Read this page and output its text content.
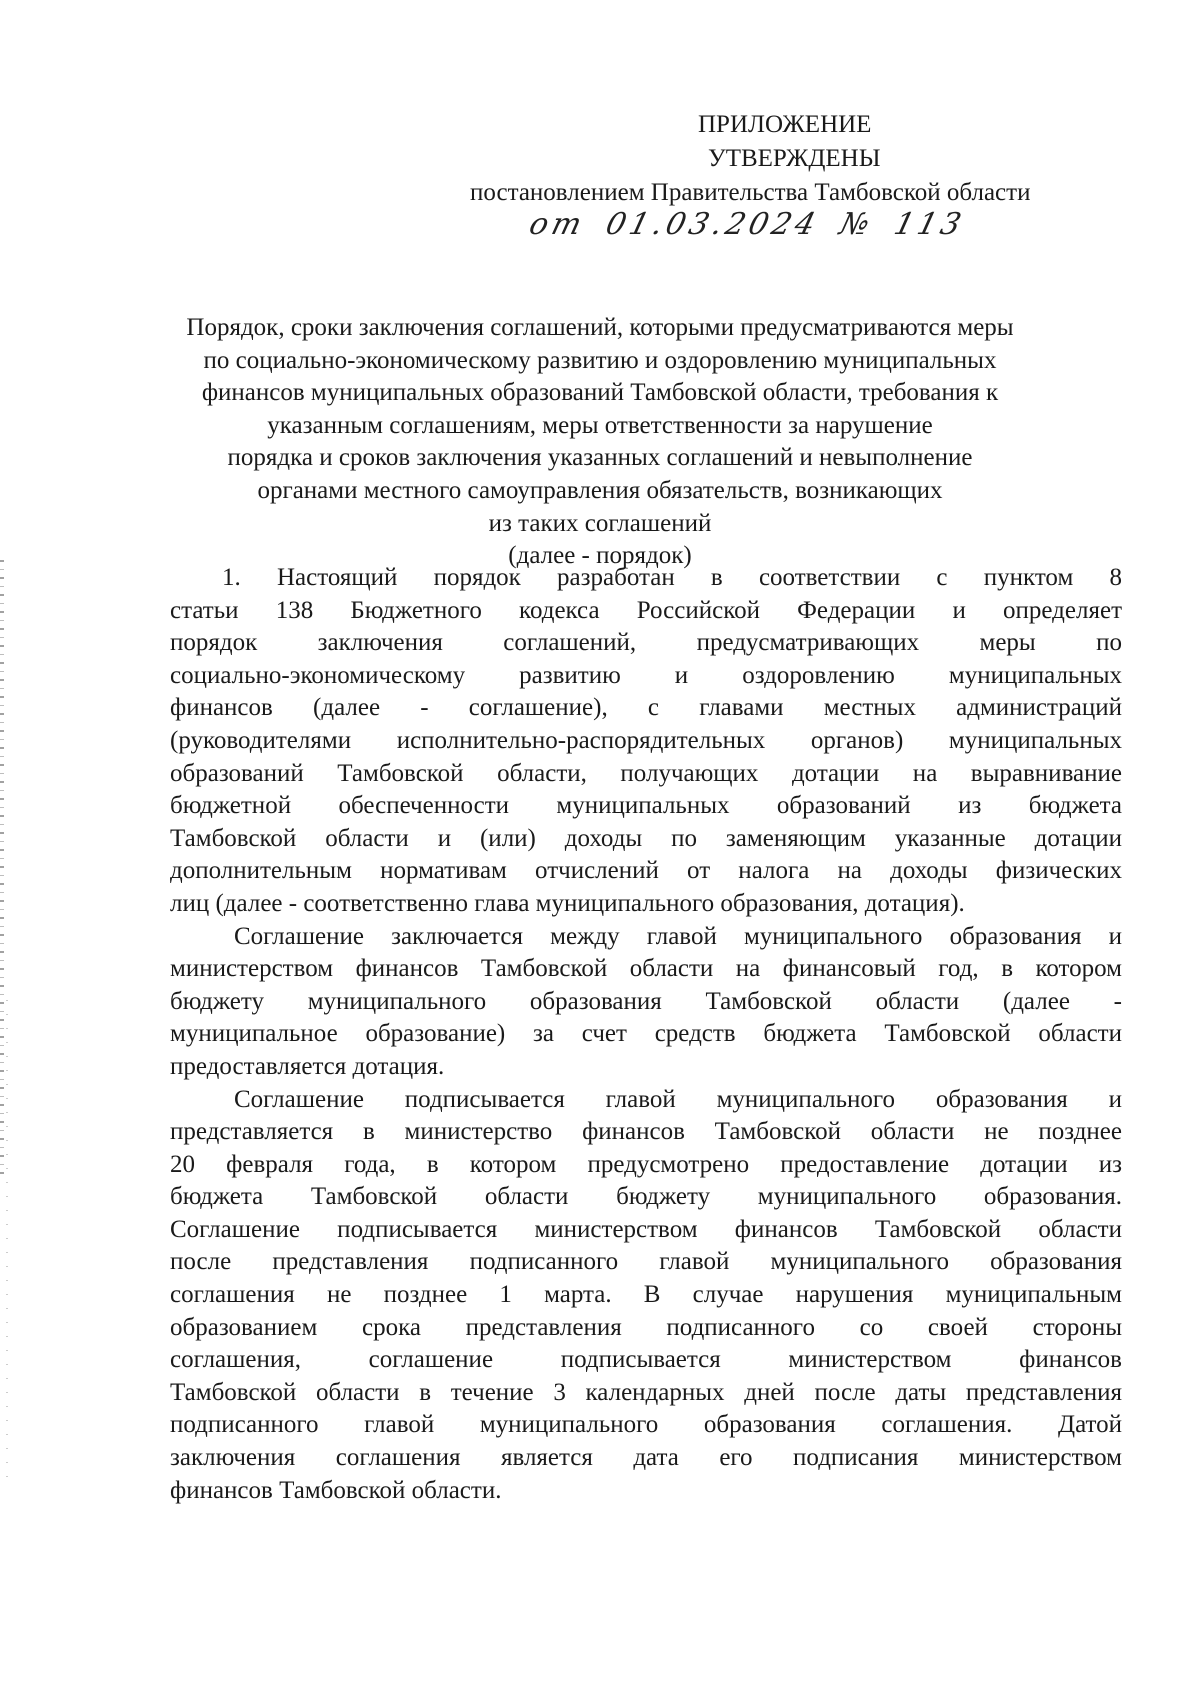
ПРИЛОЖЕНИЕ
УТВЕРЖДЕНЫ
постановлением Правительства Тамбовской области
от 01.03.2024 № 113
Порядок, сроки заключения соглашений, которыми предусматриваются меры
по социально-экономическому развитию и оздоровлению муниципальных
финансов муниципальных образований Тамбовской области, требования к
указанным соглашениям, меры ответственности за нарушение
порядка и сроков заключения указанных соглашений и невыполнение
органами местного самоуправления обязательств, возникающих
из таких соглашений
(далее - порядок)

1. Настоящий порядок разработан в соответствии с пунктом 8
статьи 138 Бюджетного кодекса Российской Федерации и определяет
порядок заключения соглашений, предусматривающих меры по
социально-экономическому развитию и оздоровлению муниципальных
финансов (далее - соглашение), с главами местных администраций
(руководителями исполнительно-распорядительных органов) муниципальных
образований Тамбовской области, получающих дотации на выравнивание
бюджетной обеспеченности муниципальных образований из бюджета
Тамбовской области и (или) доходы по заменяющим указанные дотации
дополнительным нормативам отчислений от налога на доходы физических
лиц (далее - соответственно глава муниципального образования, дотация).

Соглашение заключается между главой муниципального образования и
министерством финансов Тамбовской области на финансовый год, в котором
бюджету муниципального образования Тамбовской области (далее -
муниципальное образование) за счет средств бюджета Тамбовской области
предоставляется дотация.

Соглашение подписывается главой муниципального образования и
представляется в министерство финансов Тамбовской области не позднее
20 февраля года, в котором предусмотрено предоставление дотации из
бюджета Тамбовской области бюджету муниципального образования.
Соглашение подписывается министерством финансов Тамбовской области
после представления подписанного главой муниципального образования
соглашения не позднее 1 марта. В случае нарушения муниципальным
образованием срока представления подписанного со своей стороны
соглашения, соглашение подписывается министерством финансов
Тамбовской области в течение 3 календарных дней после даты представления
подписанного главой муниципального образования соглашения. Датой
заключения соглашения является дата его подписания министерством
финансов Тамбовской области.
